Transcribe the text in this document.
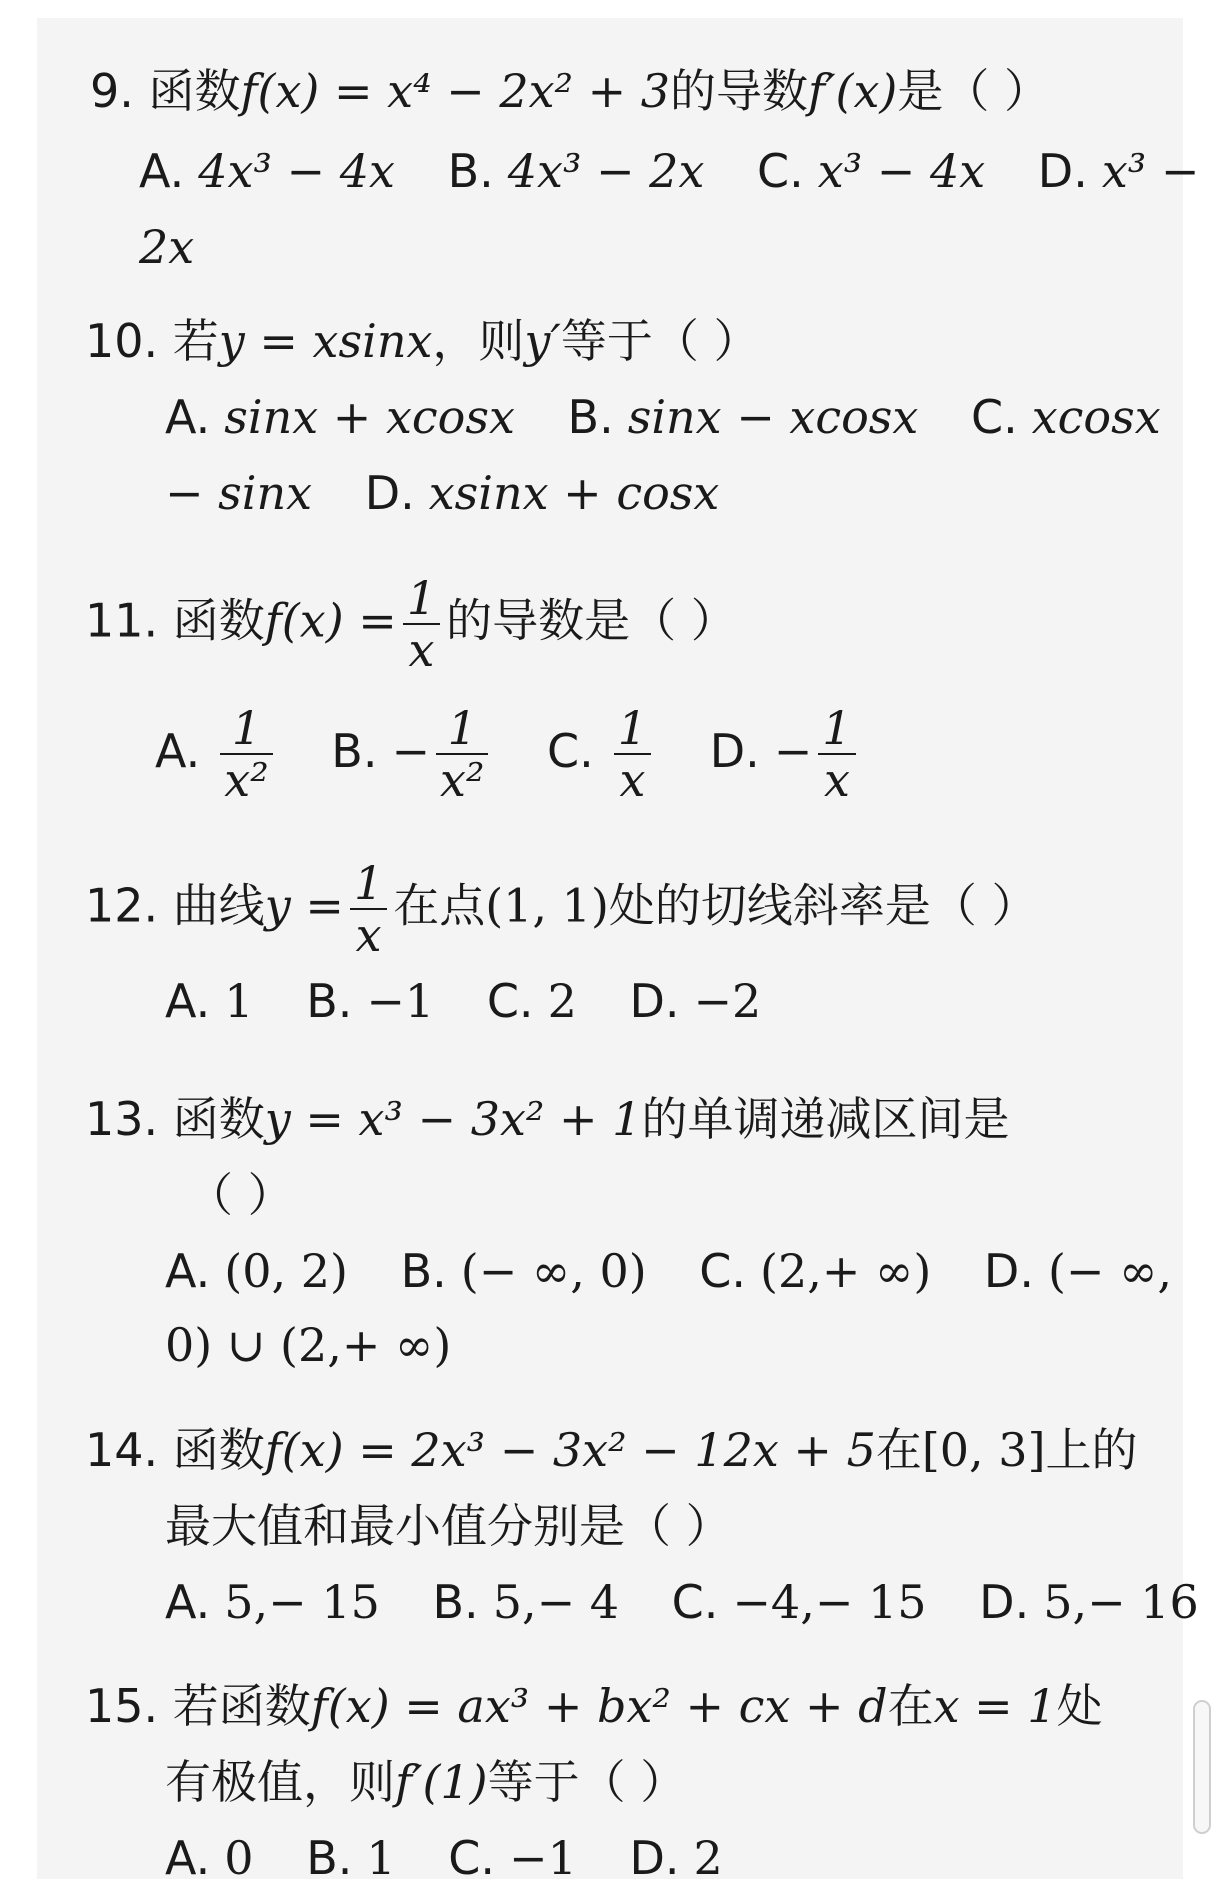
9. 函数f(x) = x⁴ − 2x² + 3的导数f′(x)是（ ）
A. 4x³ − 4x B. 4x³ − 2x C. x³ − 4x D. x³ −
2x
10. 若y = xsinx，则y′等于（ ）
A. sinx + xcosx B. sinx − xcosx C. xcosx
− sinx D. xsinx + cosx
11. 函数$f(x) = \frac{1}{x}$ 的导数是（ ）
A. $\frac{1}{\text{x²}} B$. − $\frac{1}{\text{x²}} C$. $\frac{1}{x} D$. − $\frac{1}{x}$
12. 曲线$y = \frac{1}{x}$ 在点(1, 1)处的切线斜率是（ ）
A. 1 B. −1 C. 2 D. −2
13. 函数y = x³ − 3x² + 1的单调递减区间是
（ ）
A. (0, 2) B. (− ∞, 0) C. (2,+ ∞) D. (− ∞,
0) ∪ (2,+ ∞)
14. 函数f(x) = 2x³ − 3x² − 12x + 5在[0, 3]上的
最大值和最小值分别是（ ）
A. 5,− 15 B. 5,− 4 C. −4,− 15 D. 5,− 16
15. 若函数f(x) = ax³ + bx² + cx + d在x = 1处
有极值，则f′(1)等于（ ）
A. 0 B. 1 C. −1 D. 2
